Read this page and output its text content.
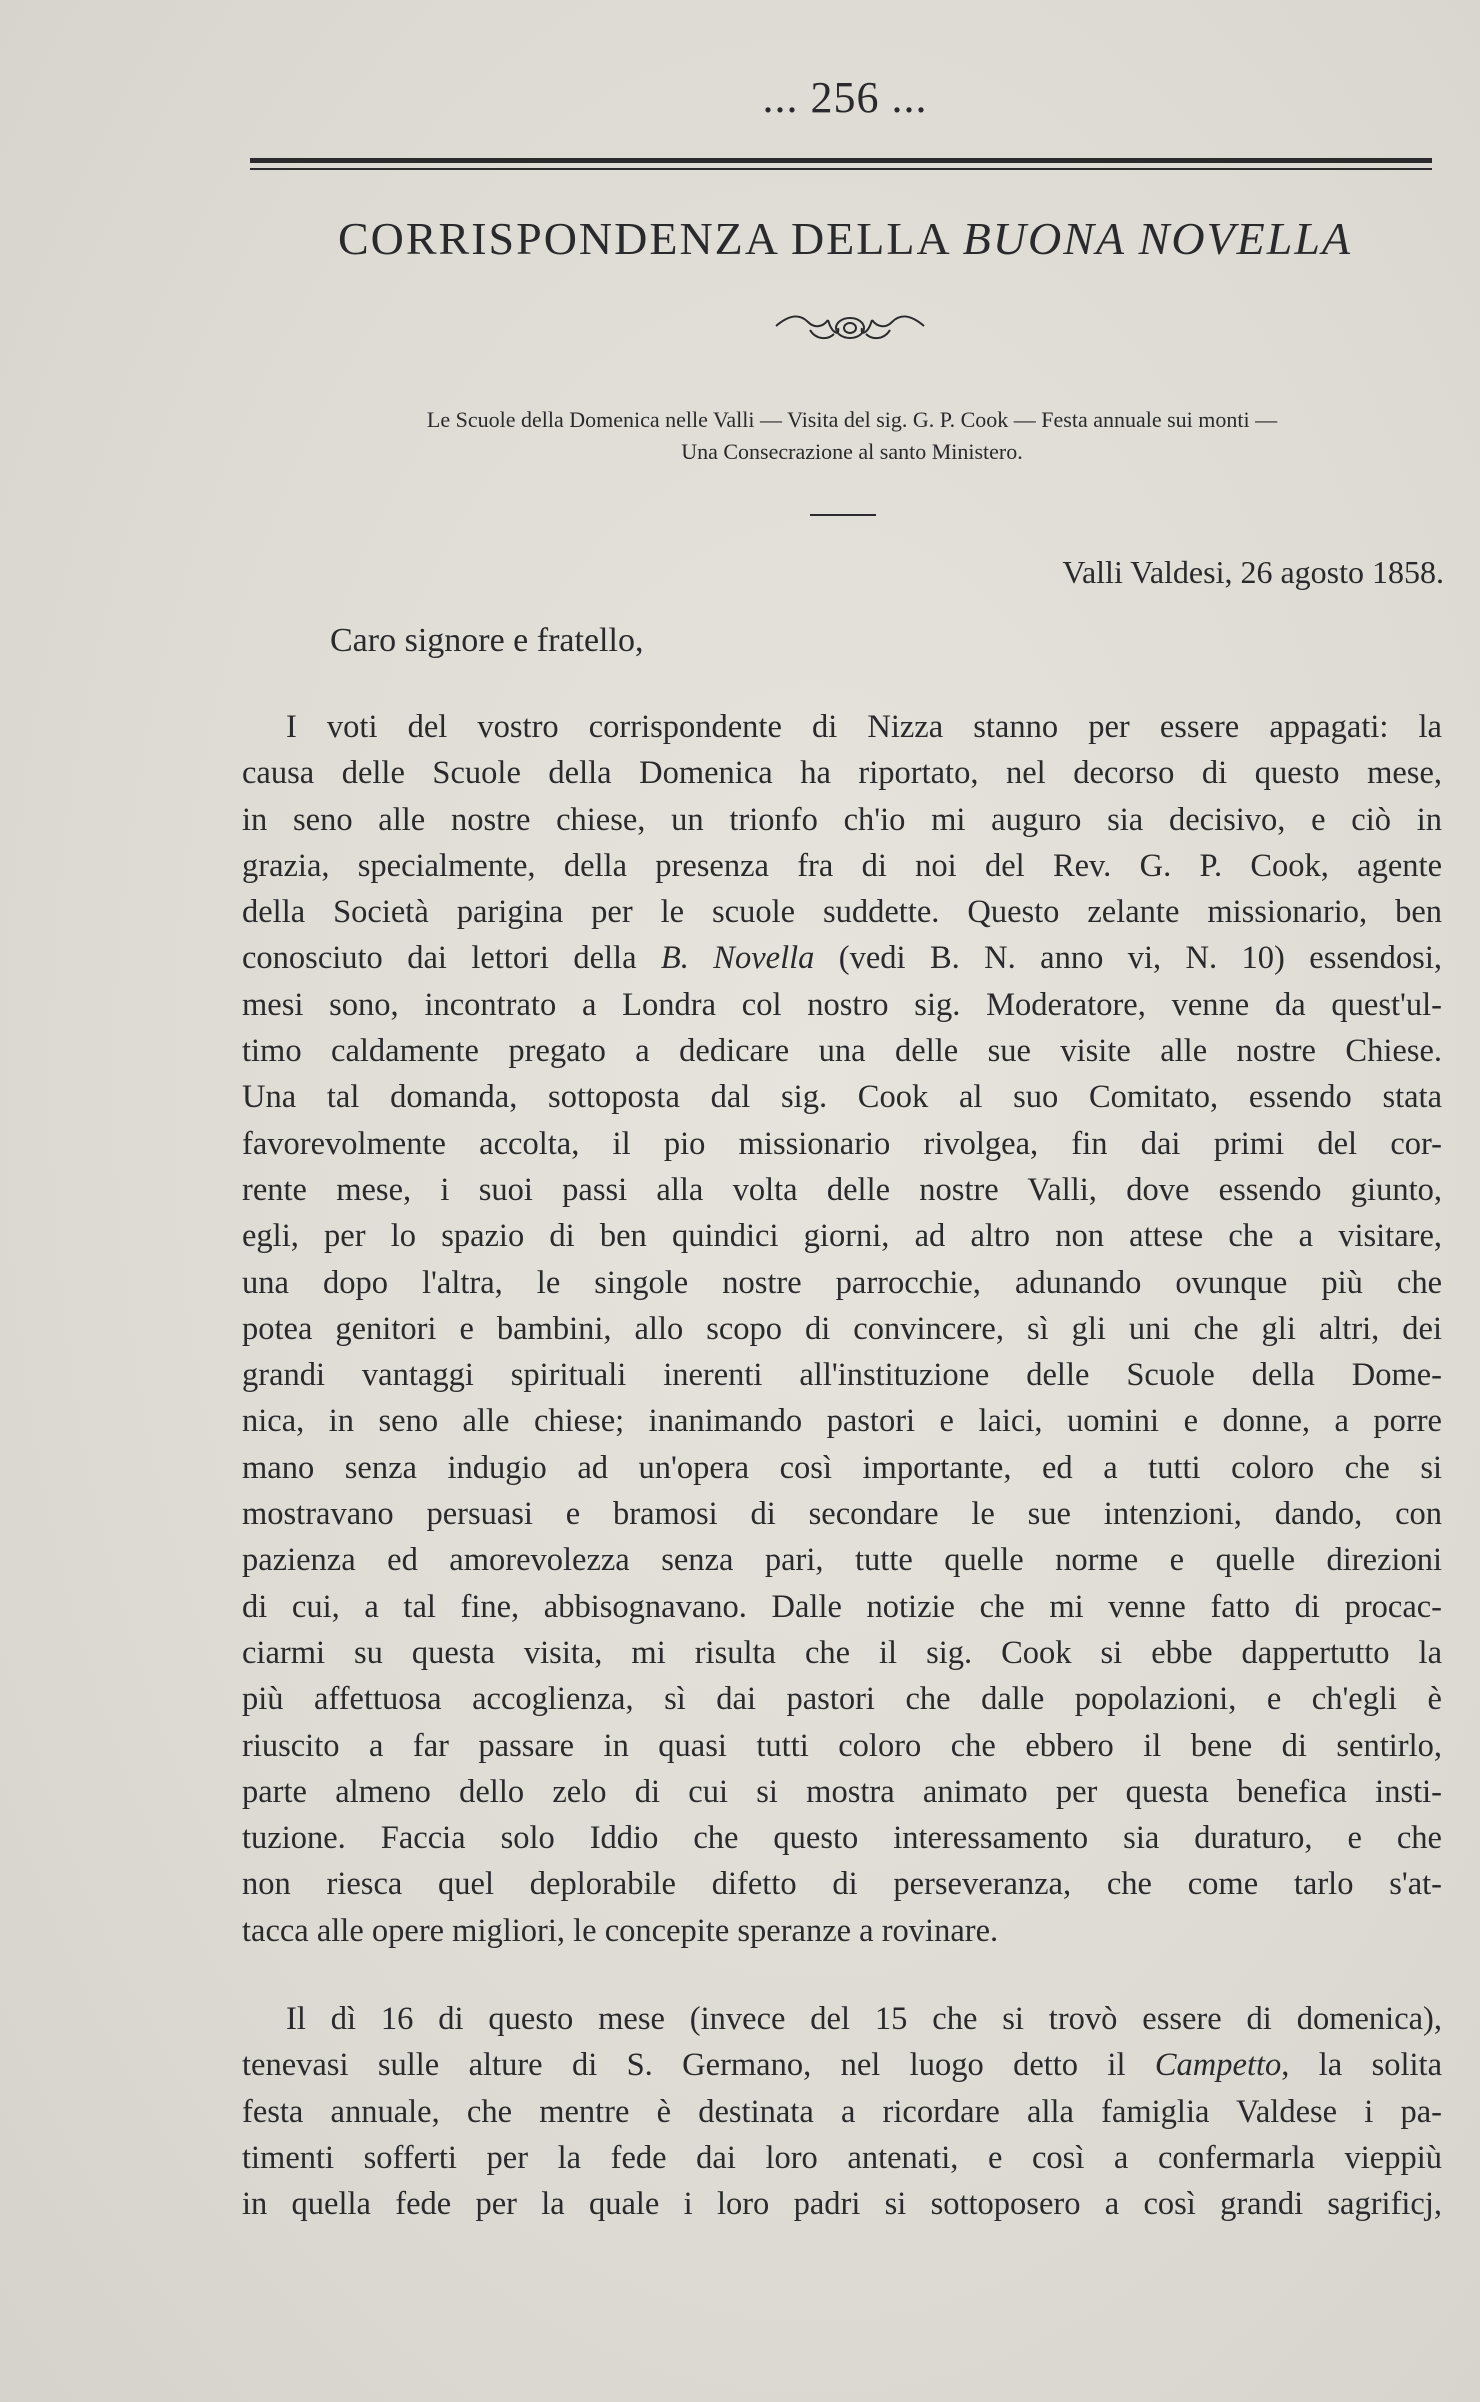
... 256 ...
CORRISPONDENZA DELLA BUONA NOVELLA
Le Scuole della Domenica nelle Valli — Visita del sig. G. P. Cook — Festa annuale sui monti —
Una Consecrazione al santo Ministero.
Valli Valdesi, 26 agosto 1858.
Caro signore e fratello,
I voti del vostro corrispondente di Nizza stanno per essere appagati: la
causa delle Scuole della Domenica ha riportato, nel decorso di questo mese,
in seno alle nostre chiese, un trionfo ch'io mi auguro sia decisivo, e ciò in
grazia, specialmente, della presenza fra di noi del Rev. G. P. Cook, agente
della Società parigina per le scuole suddette. Questo zelante missionario, ben
conosciuto dai lettori della B. Novella (vedi B. N. anno vi, N. 10) essendosi,
mesi sono, incontrato a Londra col nostro sig. Moderatore, venne da quest'ul-
timo caldamente pregato a dedicare una delle sue visite alle nostre Chiese.
Una tal domanda, sottoposta dal sig. Cook al suo Comitato, essendo stata
favorevolmente accolta, il pio missionario rivolgea, fin dai primi del cor-
rente mese, i suoi passi alla volta delle nostre Valli, dove essendo giunto,
egli, per lo spazio di ben quindici giorni, ad altro non attese che a visitare,
una dopo l'altra, le singole nostre parrocchie, adunando ovunque più che
potea genitori e bambini, allo scopo di convincere, sì gli uni che gli altri, dei
grandi vantaggi spirituali inerenti all'instituzione delle Scuole della Dome-
nica, in seno alle chiese; inanimando pastori e laici, uomini e donne, a porre
mano senza indugio ad un'opera così importante, ed a tutti coloro che si
mostravano persuasi e bramosi di secondare le sue intenzioni, dando, con
pazienza ed amorevolezza senza pari, tutte quelle norme e quelle direzioni
di cui, a tal fine, abbisognavano. Dalle notizie che mi venne fatto di procac-
ciarmi su questa visita, mi risulta che il sig. Cook si ebbe dappertutto la
più affettuosa accoglienza, sì dai pastori che dalle popolazioni, e ch'egli è
riuscito a far passare in quasi tutti coloro che ebbero il bene di sentirlo,
parte almeno dello zelo di cui si mostra animato per questa benefica insti-
tuzione. Faccia solo Iddio che questo interessamento sia duraturo, e che
non riesca quel deplorabile difetto di perseveranza, che come tarlo s'at-
tacca alle opere migliori, le concepite speranze a rovinare.
Il dì 16 di questo mese (invece del 15 che si trovò essere di domenica),
tenevasi sulle alture di S. Germano, nel luogo detto il Campetto, la solita
festa annuale, che mentre è destinata a ricordare alla famiglia Valdese i pa-
timenti sofferti per la fede dai loro antenati, e così a confermarla vieppiù
in quella fede per la quale i loro padri si sottoposero a così grandi sagrificj,
